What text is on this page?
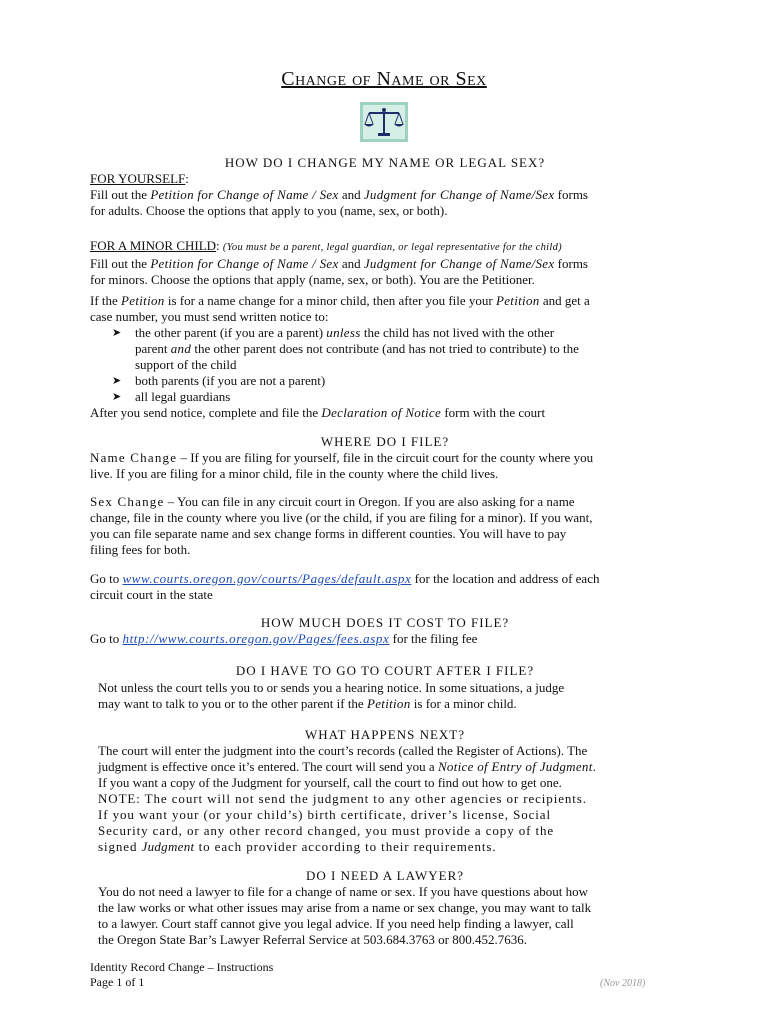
Change of Name or Sex
HOW DO I CHANGE MY NAME OR LEGAL SEX?
FOR YOURSELF:
Fill out the Petition for Change of Name / Sex and Judgment for Change of Name/Sex forms
for adults. Choose the options that apply to you (name, sex, or both).
FOR A MINOR CHILD: (You must be a parent, legal guardian, or legal representative for the child)
Fill out the Petition for Change of Name / Sex and Judgment for Change of Name/Sex forms
for minors. Choose the options that apply (name, sex, or both). You are the Petitioner.
If the Petition is for a name change for a minor child, then after you file your Petition and get a
case number, you must send written notice to:
➤ the other parent (if you are a parent) unless the child has not lived with the other
parent and the other parent does not contribute (and has not tried to contribute) to the
support of the child
➤ both parents (if you are not a parent)
➤ all legal guardians
After you send notice, complete and file the Declaration of Notice form with the court
WHERE DO I FILE?
Name Change – If you are filing for yourself, file in the circuit court for the county where you
live. If you are filing for a minor child, file in the county where the child lives.
Sex Change – You can file in any circuit court in Oregon. If you are also asking for a name
change, file in the county where you live (or the child, if you are filing for a minor). If you want,
you can file separate name and sex change forms in different counties. You will have to pay
filing fees for both.
Go to www.courts.oregon.gov/courts/Pages/default.aspx for the location and address of each
circuit court in the state
HOW MUCH DOES IT COST TO FILE?
Go to http://www.courts.oregon.gov/Pages/fees.aspx for the filing fee
DO I HAVE TO GO TO COURT AFTER I FILE?
Not unless the court tells you to or sends you a hearing notice. In some situations, a judge
may want to talk to you or to the other parent if the Petition is for a minor child.
WHAT HAPPENS NEXT?
The court will enter the judgment into the court’s records (called the Register of Actions). The
judgment is effective once it’s entered. The court will send you a Notice of Entry of Judgment.
If you want a copy of the Judgment for yourself, call the court to find out how to get one.
NOTE: The court will not send the judgment to any other agencies or recipients.
If you want your (or your child’s) birth certificate, driver’s license, Social
Security card, or any other record changed, you must provide a copy of the
signed Judgment to each provider according to their requirements.
DO I NEED A LAWYER?
You do not need a lawyer to file for a change of name or sex. If you have questions about how
the law works or what other issues may arise from a name or sex change, you may want to talk
to a lawyer. Court staff cannot give you legal advice. If you need help finding a lawyer, call
the Oregon State Bar’s Lawyer Referral Service at 503.684.3763 or 800.452.7636.
Identity Record Change – Instructions
Page 1 of 1	(Nov 2018)
